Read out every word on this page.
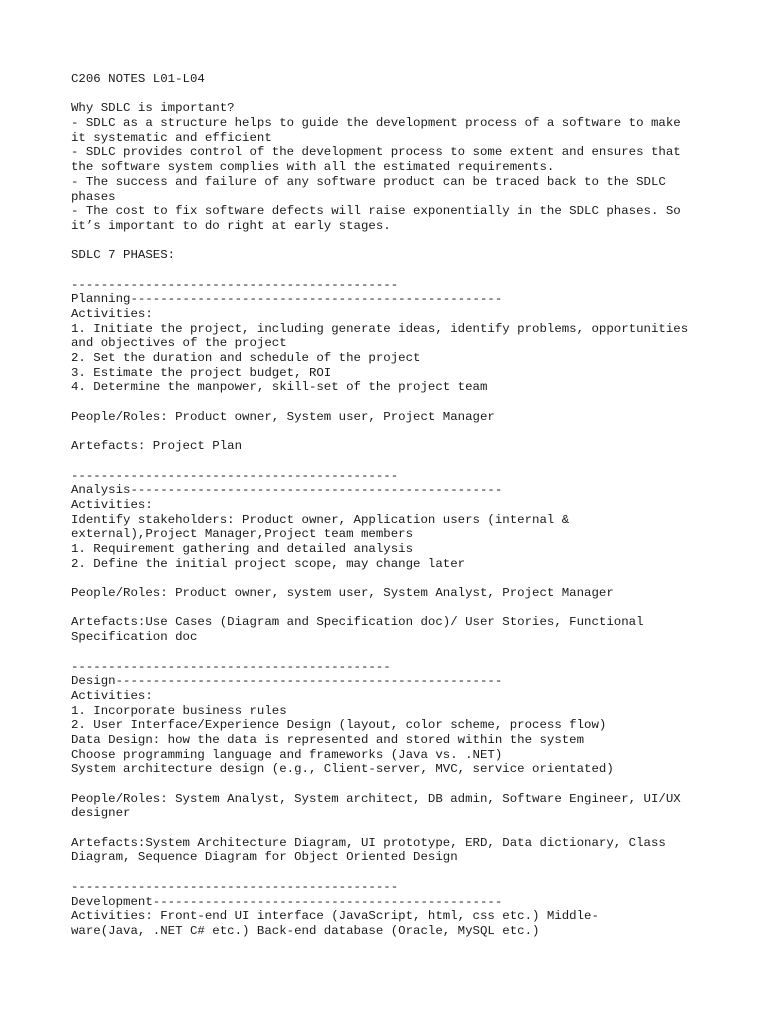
C206 NOTES L01-L04
Why SDLC is important?
- SDLC as a structure helps to guide the development process of a software to make
it systematic and efficient
- SDLC provides control of the development process to some extent and ensures that
the software system complies with all the estimated requirements.
- The success and failure of any software product can be traced back to the SDLC
phases
- The cost to fix software defects will raise exponentially in the SDLC phases. So
it’s important to do right at early stages.
SDLC 7 PHASES:
--------------------------------------------
Planning--------------------------------------------------
Activities:
1. Initiate the project, including generate ideas, identify problems, opportunities
and objectives of the project
2. Set the duration and schedule of the project
3. Estimate the project budget, ROI
4. Determine the manpower, skill-set of the project team
People/Roles: Product owner, System user, Project Manager
Artefacts: Project Plan
--------------------------------------------
Analysis--------------------------------------------------
Activities:
Identify stakeholders: Product owner, Application users (internal &
external),Project Manager,Project team members
1. Requirement gathering and detailed analysis
2. Define the initial project scope, may change later
People/Roles: Product owner, system user, System Analyst, Project Manager
Artefacts:Use Cases (Diagram and Specification doc)/ User Stories, Functional
Specification doc
-------------------------------------------
Design----------------------------------------------------
Activities:
1. Incorporate business rules
2. User Interface/Experience Design (layout, color scheme, process flow)
Data Design: how the data is represented and stored within the system
Choose programming language and frameworks (Java vs. .NET)
System architecture design (e.g., Client-server, MVC, service orientated)
People/Roles: System Analyst, System architect, DB admin, Software Engineer, UI/UX
designer
Artefacts:System Architecture Diagram, UI prototype, ERD, Data dictionary, Class
Diagram, Sequence Diagram for Object Oriented Design
--------------------------------------------
Development-----------------------------------------------
Activities: Front-end UI interface (JavaScript, html, css etc.) Middle-
ware(Java, .NET C# etc.) Back-end database (Oracle, MySQL etc.)
